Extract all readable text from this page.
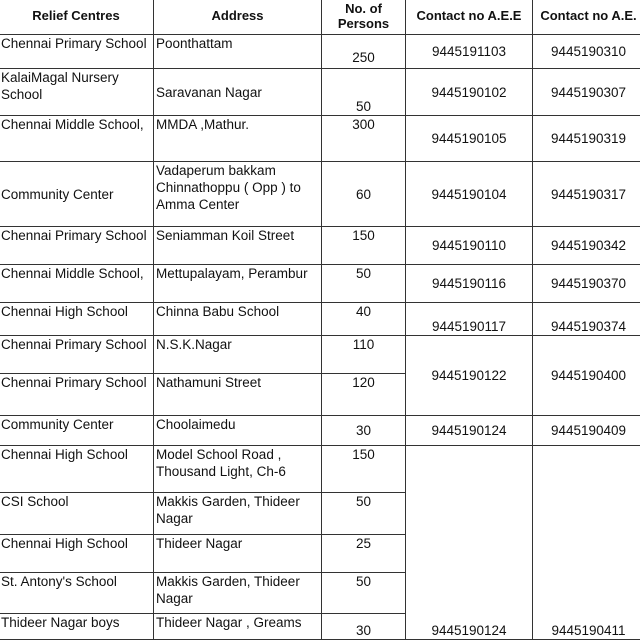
Relief Centres	Address	No. of Persons	Contact no A.E.E	Contact no A.E.
Chennai Primary School	Poonthattam	250	9445191103	9445190310
KalaiMagal Nursery School	Saravanan Nagar	50	9445190102	9445190307
Chennai Middle School,	MMDA ,Mathur.	300	9445190105	9445190319
Community Center	Vadaperum bakkam Chinnathoppu ( Opp ) to Amma Center	60	9445190104	9445190317
Chennai Primary School	Seniamman Koil Street	150	9445190110	9445190342
Chennai Middle School,	Mettupalayam, Perambur	50	9445190116	9445190370
Chennai High School	Chinna Babu School	40	9445190117	9445190374
Chennai Primary School	N.S.K.Nagar	110	9445190122	9445190400
Chennai Primary School	Nathamuni Street	120		
Community Center	Choolaimedu	30	9445190124	9445190409
Chennai High School	Model School Road , Thousand Light, Ch-6	150	9445190124	9445190411
CSI School	Makkis Garden, Thideer Nagar	50		
Chennai High School	Thideer Nagar	25		
St. Antony's School	Makkis Garden, Thideer Nagar	50		
Thideer Nagar boys	Thideer Nagar , Greams	30		
